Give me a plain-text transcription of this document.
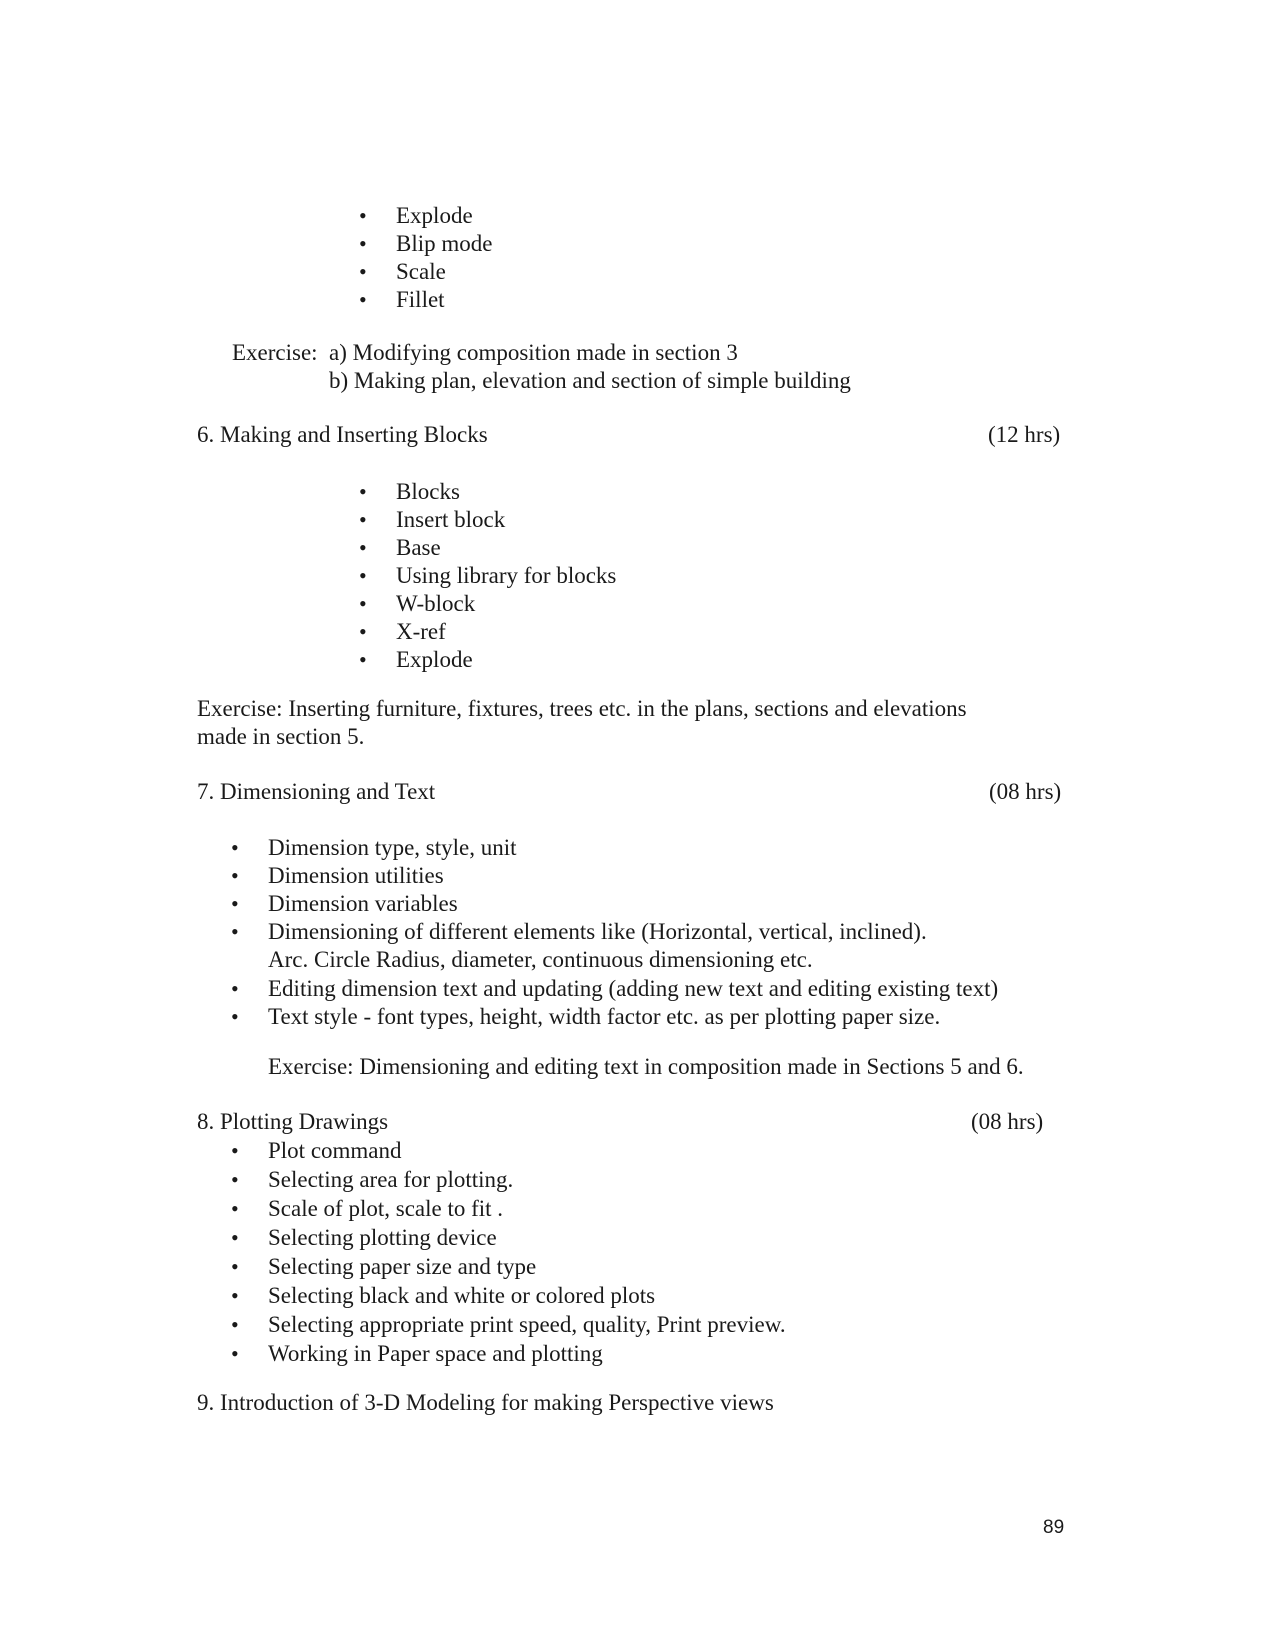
• Explode
• Blip mode
• Scale
• Fillet
Exercise: a) Modifying composition made in section 3
b) Making plan, elevation and section of simple building
6. Making and Inserting Blocks	(12 hrs)
• Blocks
• Insert block
• Base
• Using library for blocks
• W-block
• X-ref
• Explode
Exercise: Inserting furniture, fixtures, trees etc. in the plans, sections and elevations
made in section 5.
7. Dimensioning and Text	(08 hrs)
• Dimension type, style, unit
• Dimension utilities
• Dimension variables
• Dimensioning of different elements like (Horizontal, vertical, inclined).
Arc. Circle Radius, diameter, continuous dimensioning etc.
• Editing dimension text and updating (adding new text and editing existing text)
• Text style - font types, height, width factor etc. as per plotting paper size.
Exercise: Dimensioning and editing text in composition made in Sections 5 and 6.
8. Plotting Drawings	(08 hrs)
• Plot command
• Selecting area for plotting.
• Scale of plot, scale to fit .
• Selecting plotting device
• Selecting paper size and type
• Selecting black and white or colored plots
• Selecting appropriate print speed, quality, Print preview.
• Working in Paper space and plotting
9. Introduction of 3-D Modeling for making Perspective views
89
